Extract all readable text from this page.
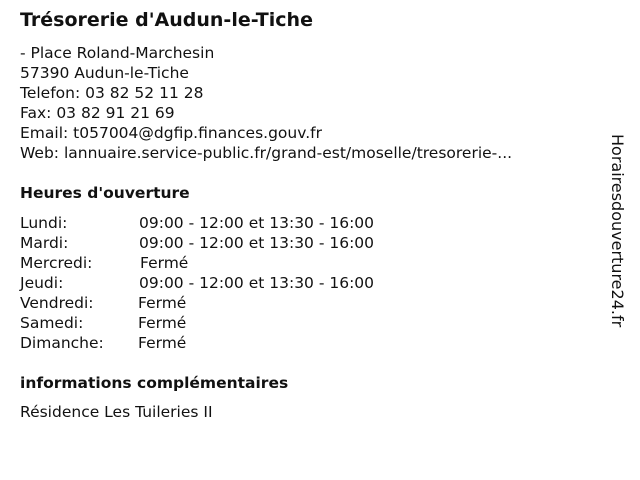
Trésorerie d'Audun-le-Tiche
- Place Roland-Marchesin
57390 Audun-le-Tiche
Telefon: 03 82 52 11 28
Fax: 03 82 91 21 69
Email: t057004@dgfip.finances.gouv.fr
Web: lannuaire.service-public.fr/grand-est/moselle/tresorerie-...
Heures d'ouverture
Lundi:	09:00 - 12:00 et 13:30 - 16:00
Mardi:	09:00 - 12:00 et 13:30 - 16:00
Mercredi:	Fermé
Jeudi:	09:00 - 12:00 et 13:30 - 16:00
Vendredi:	Fermé
Samedi:	Fermé
Dimanche: Fermé
informations complémentaires
Résidence Les Tuileries II
Horairesdouverture24.fr
